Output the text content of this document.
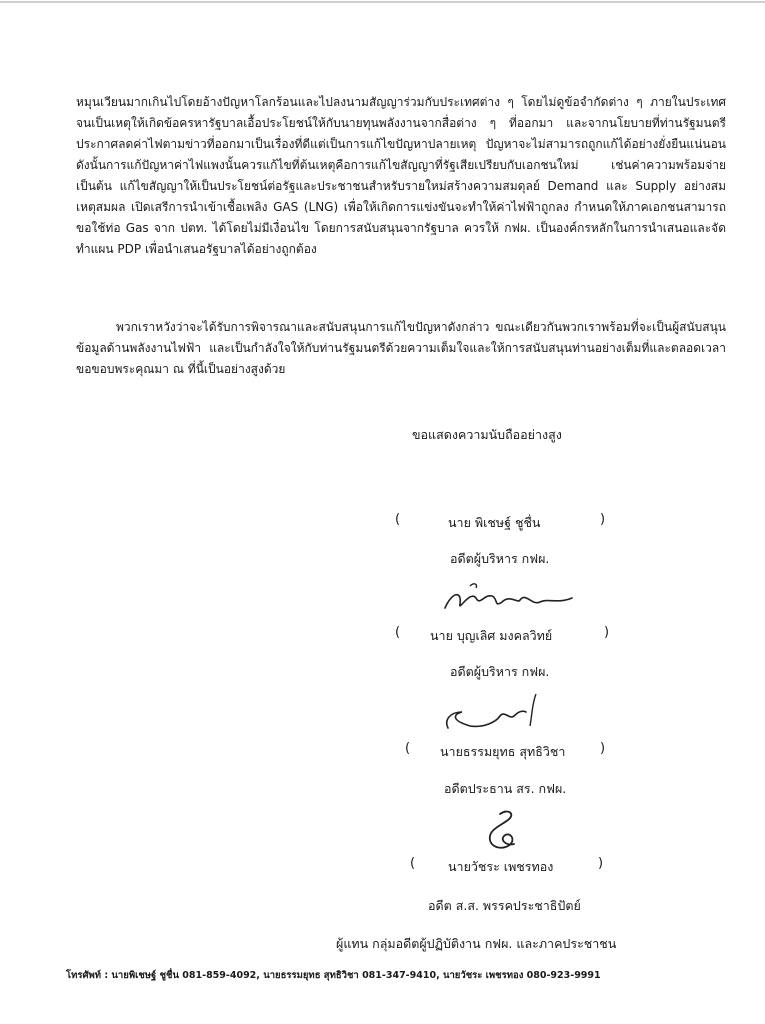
หมุนเวียนมากเกินไปโดยอ้างปัญหาโลกร้อนและไปลงนามสัญญาร่วมกับประเทศต่าง ๆ โดยไม่ดูข้อจำกัดต่าง ๆ ภายในประเทศ จนเป็นเหตุให้เกิดข้อครหารัฐบาลเอื้อประโยชน์ให้กับนายทุนพลังงานจากสื่อต่าง ๆ ที่ออกมา และจากนโยบายที่ท่านรัฐมนตรีประกาศลดค่าไฟตามข่าวที่ออกมาเป็นเรื่องที่ดีแต่เป็นการแก้ไขปัญหาปลายเหตุ ปัญหาจะไม่สามารถถูกแก้ได้อย่างยั่งยืนแน่นอน ดังนั้นการแก้ปัญหาค่าไฟแพงนั้นควรแก้ไขที่ต้นเหตุคือการแก้ไขสัญญาที่รัฐเสียเปรียบกับเอกชนใหม่ เช่นค่าความพร้อมจ่าย เป็นต้น แก้ไขสัญญาให้เป็นประโยชน์ต่อรัฐและประชาชนสำหรับรายใหม่สร้างความสมดุลย์ Demand และ Supply อย่างสมเหตุสมผล เปิดเสรีการนำเข้าเชื้อเพลิง GAS (LNG) เพื่อให้เกิดการแข่งขันจะทำให้ค่าไฟฟ้าถูกลง กำหนดให้ภาคเอกชนสามารถขอใช้ท่อ Gas จาก ปตท. ได้โดยไม่มีเงื่อนไข โดยการสนับสนุนจากรัฐบาล ควรให้ กฟผ. เป็นองค์กรหลักในการนำเสนอและจัดทำแผน PDP เพื่อนำเสนอรัฐบาลได้อย่างถูกต้อง

พวกเราหวังว่าจะได้รับการพิจารณาและสนับสนุนการแก้ไขปัญหาดังกล่าว ขณะเดียวกันพวกเราพร้อมที่จะเป็นผู้สนับสนุนข้อมูลด้านพลังงานไฟฟ้า และเป็นกำลังใจให้กับท่านรัฐมนตรีด้วยความเต็มใจและให้การสนับสนุนท่านอย่างเต็มที่และตลอดเวลา ขอขอบพระคุณมา ณ ที่นี้เป็นอย่างสูงด้วย

ขอแสดงความนับถืออย่างสูง
(	นาย พิเชษฐ์ ชูชื่น	)
อดีตผู้บริหาร กฟผ.
( นาย บุญเลิศ มงคลวิทย์	)
อดีตผู้บริหาร กฟผ.
( นายธรรมยุทธ สุทธิวิชา	)
อดีตประธาน สร. กฟผ.
(	นายวัชระ เพชรทอง	)
อดีต ส.ส. พรรคประชาธิปัตย์
ผู้แทน กลุ่มอดีตผู้ปฏิบัติงาน กฟผ. และภาคประชาชน
โทรศัพท์ : นายพิเชษฐ์ ชูชื่น 081-859-4092, นายธรรมยุทธ สุทธิวิชา 081-347-9410, นายวัชระ เพชรทอง 080-923-9991
